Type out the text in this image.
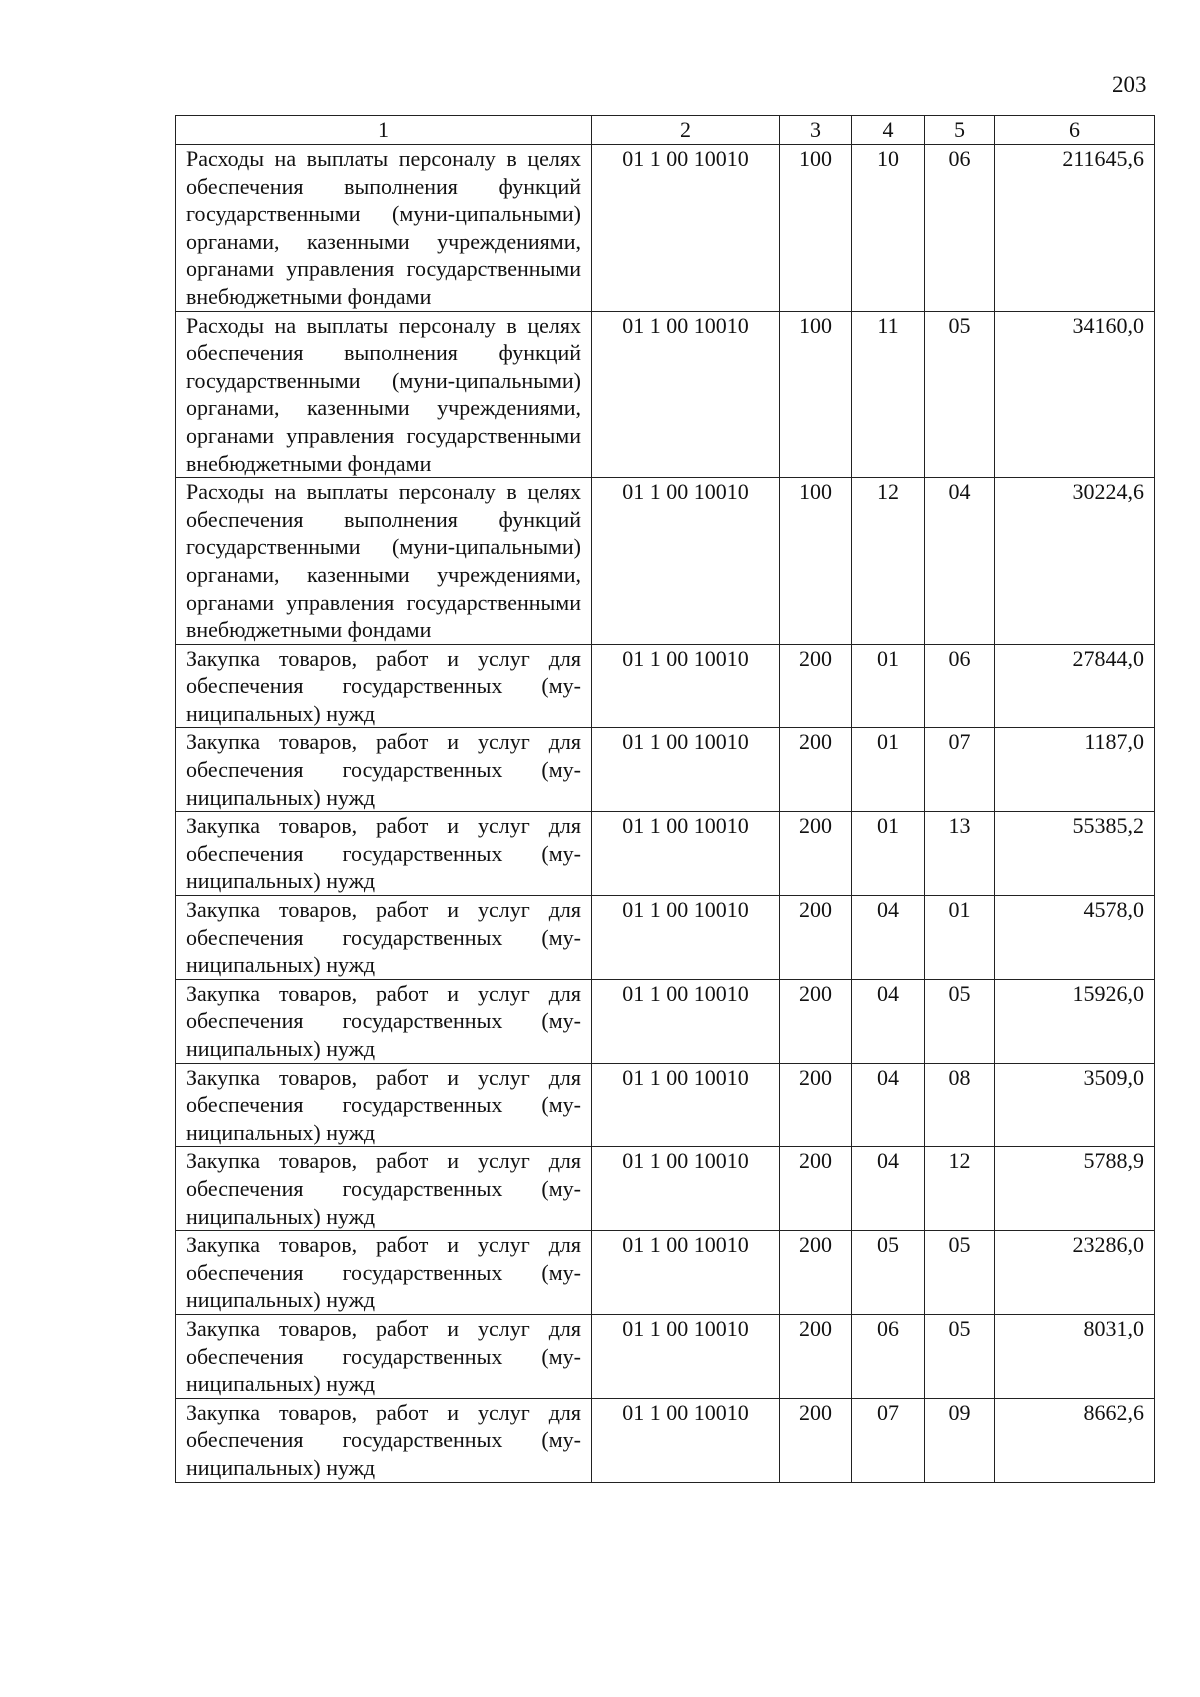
203
1	2	3	4	5	6
Расходы на выплаты персоналу в целях обеспечения выполнения функций государственными (муни-ципальными) органами, казенными учреждениями, органами управления государственными внебюджетными фондами	01 1 00 10010	100	10	06	211645,6
Расходы на выплаты персоналу в целях обеспечения выполнения функций государственными (муни-ципальными) органами, казенными учреждениями, органами управления государственными внебюджетными фондами	01 1 00 10010	100	11	05	34160,0
Расходы на выплаты персоналу в целях обеспечения выполнения функций государственными (муни-ципальными) органами, казенными учреждениями, органами управления государственными внебюджетными фондами	01 1 00 10010	100	12	04	30224,6
Закупка товаров, работ и услуг для обеспечения государственных (му-ниципальных) нужд	01 1 00 10010	200	01	06	27844,0
Закупка товаров, работ и услуг для обеспечения государственных (му-ниципальных) нужд	01 1 00 10010	200	01	07	1187,0
Закупка товаров, работ и услуг для обеспечения государственных (му-ниципальных) нужд	01 1 00 10010	200	01	13	55385,2
Закупка товаров, работ и услуг для обеспечения государственных (му-ниципальных) нужд	01 1 00 10010	200	04	01	4578,0
Закупка товаров, работ и услуг для обеспечения государственных (му-ниципальных) нужд	01 1 00 10010	200	04	05	15926,0
Закупка товаров, работ и услуг для обеспечения государственных (му-ниципальных) нужд	01 1 00 10010	200	04	08	3509,0
Закупка товаров, работ и услуг для обеспечения государственных (му-ниципальных) нужд	01 1 00 10010	200	04	12	5788,9
Закупка товаров, работ и услуг для обеспечения государственных (му-ниципальных) нужд	01 1 00 10010	200	05	05	23286,0
Закупка товаров, работ и услуг для обеспечения государственных (му-ниципальных) нужд	01 1 00 10010	200	06	05	8031,0
Закупка товаров, работ и услуг для обеспечения государственных (му-ниципальных) нужд	01 1 00 10010	200	07	09	8662,6
